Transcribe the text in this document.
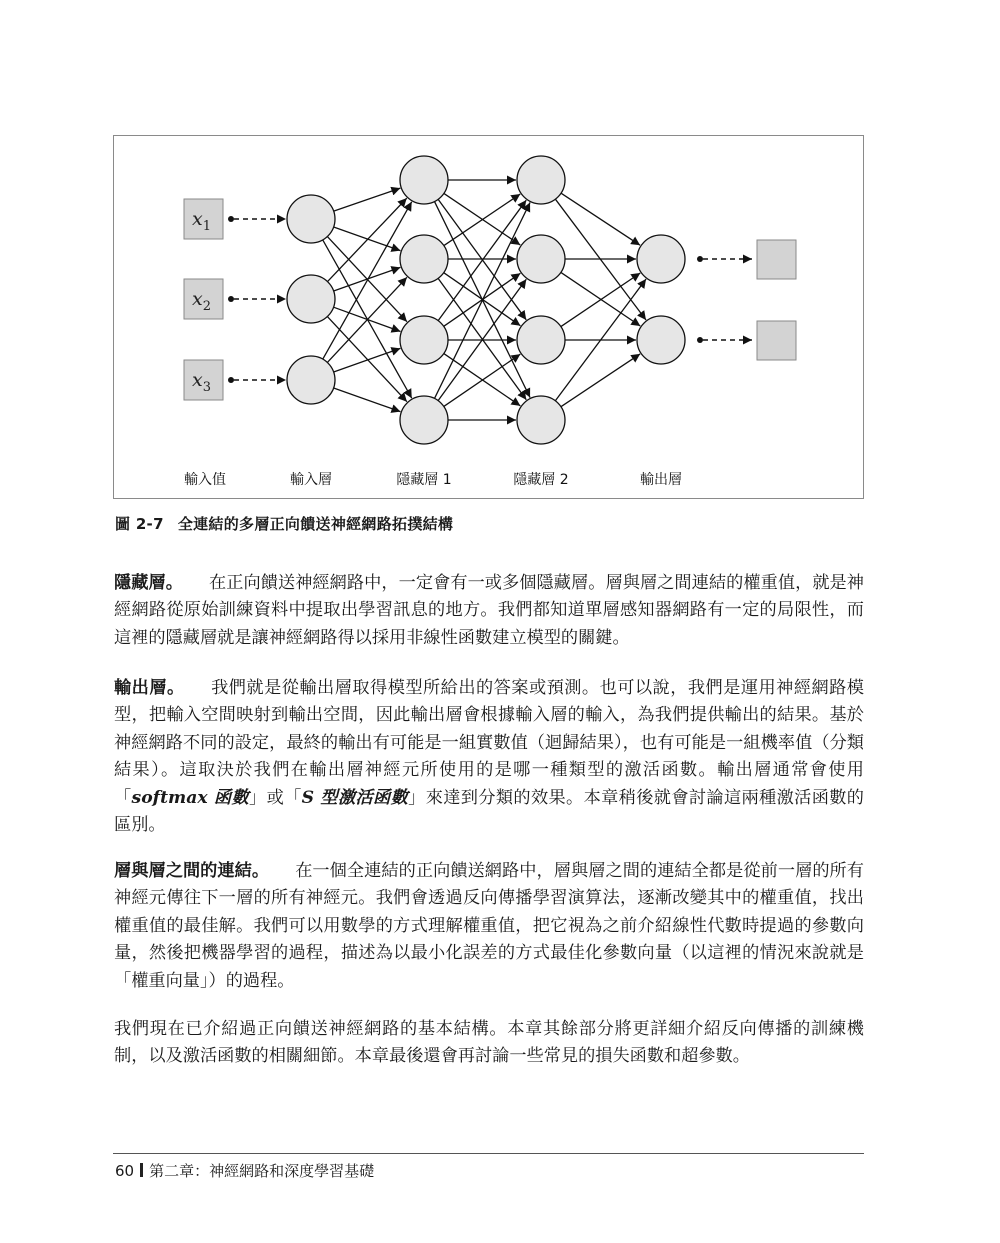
$x_1$
$x_2$
$x_3$
輸入值	輸入層	隱藏層 1	隱藏層 2	輸出層
圖 2-7 全連結的多層正向饋送神經網路拓撲結構

隱藏層。 在正向饋送神經網路中，一定會有一或多個隱藏層。層與層之間連結的權重值，就是神經網路從原始訓練資料中提取出學習訊息的地方。我們都知道單層感知器網路有一定的局限性，而這裡的隱藏層就是讓神經網路得以採用非線性函數建立模型的關鍵。

輸出層。 我們就是從輸出層取得模型所給出的答案或預測。也可以說，我們是運用神經網路模型，把輸入空間映射到輸出空間，因此輸出層會根據輸入層的輸入，為我們提供輸出的結果。基於神經網路不同的設定，最終的輸出有可能是一組實數值（迴歸結果），也有可能是一組機率值（分類結果）。這取決於我們在輸出層神經元所使用的是哪一種類型的激活函數。輸出層通常會使用「softmax 函數」或「S 型激活函數」來達到分類的效果。本章稍後就會討論這兩種激活函數的區別。

層與層之間的連結。 在一個全連結的正向饋送網路中，層與層之間的連結全都是從前一層的所有神經元傳往下一層的所有神經元。我們會透過反向傳播學習演算法，逐漸改變其中的權重值，找出權重值的最佳解。我們可以用數學的方式理解權重值，把它視為之前介紹線性代數時提過的參數向量，然後把機器學習的過程，描述為以最小化誤差的方式最佳化參數向量（以這裡的情況來說就是「權重向量」）的過程。

我們現在已介紹過正向饋送神經網路的基本結構。本章其餘部分將更詳細介紹反向傳播的訓練機制，以及激活函數的相關細節。本章最後還會再討論一些常見的損失函數和超參數。

60 第二章：神經網路和深度學習基礎
